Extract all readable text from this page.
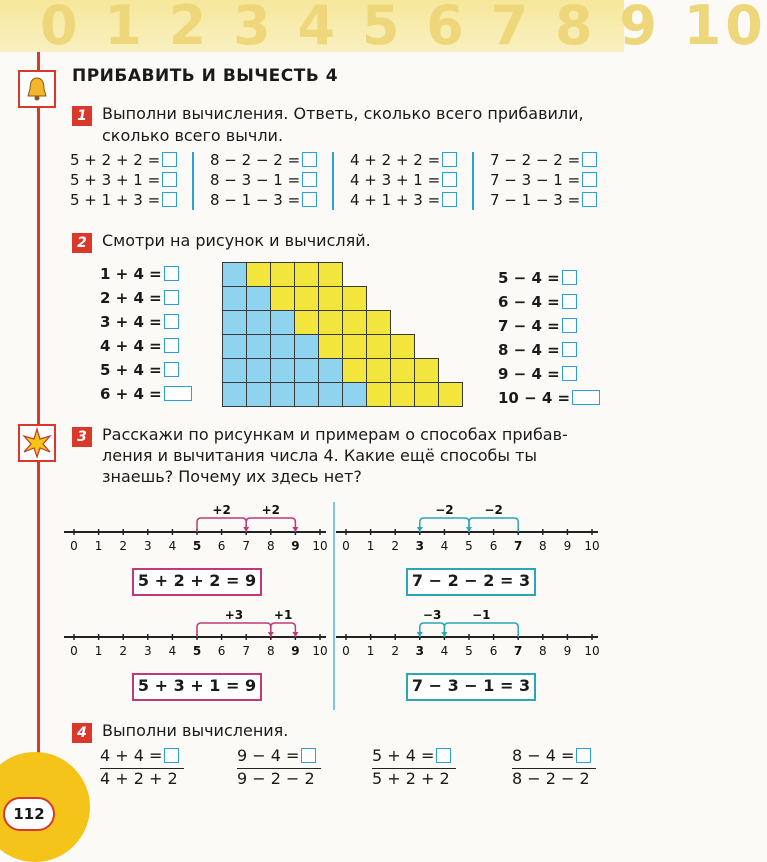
0 1 2 3 4 5 6 7 8 9 10
ПРИБАВИТЬ И ВЫЧЕСТЬ 4
1 Выполни вычисления. Ответь, сколько всего прибавили,
сколько всего вычли.
5 + 2 + 2 =
5 + 3 + 1 =
5 + 1 + 3 =
8 − 2 − 2 =
8 − 3 − 1 =
8 − 1 − 3 =
4 + 2 + 2 =
4 + 3 + 1 =
4 + 1 + 3 =
7 − 2 − 2 =
7 − 3 − 1 =
7 − 1 − 3 =
2 Смотри на рисунок и вычисляй.
1 + 4 =
2 + 4 =
3 + 4 =
4 + 4 =
5 + 4 =
6 + 4 =
5 − 4 =
6 − 4 =
7 − 4 =
8 − 4 =
9 − 4 =
10 − 4 =
3 Расскажи по рисункам и примерам о способах прибав-
ления и вычитания числа 4. Какие ещё способы ты
знаешь? Почему их здесь нет?
0 1 2 3 4 5 6 7 8 9 10
+2	+2
0 1 2 3 4 5 6 7 8 9 10
−2
−2
0 1 2 3 4 5 6 7 8 9 10
+3	+1
0 1 2 3 4 5 6 7 8 9 10
−1
−3
5 + 2 + 2 = 9	7 − 2 − 2 = 3
5 + 3 + 1 = 9	7 − 3 − 1 = 3
4 Выполни вычисления.
4 + 4 =
4 + 2 + 2
9 − 4 =
9 − 2 − 2
5 + 4 =
5 + 2 + 2
8 − 4 =
8 − 2 − 2
112
